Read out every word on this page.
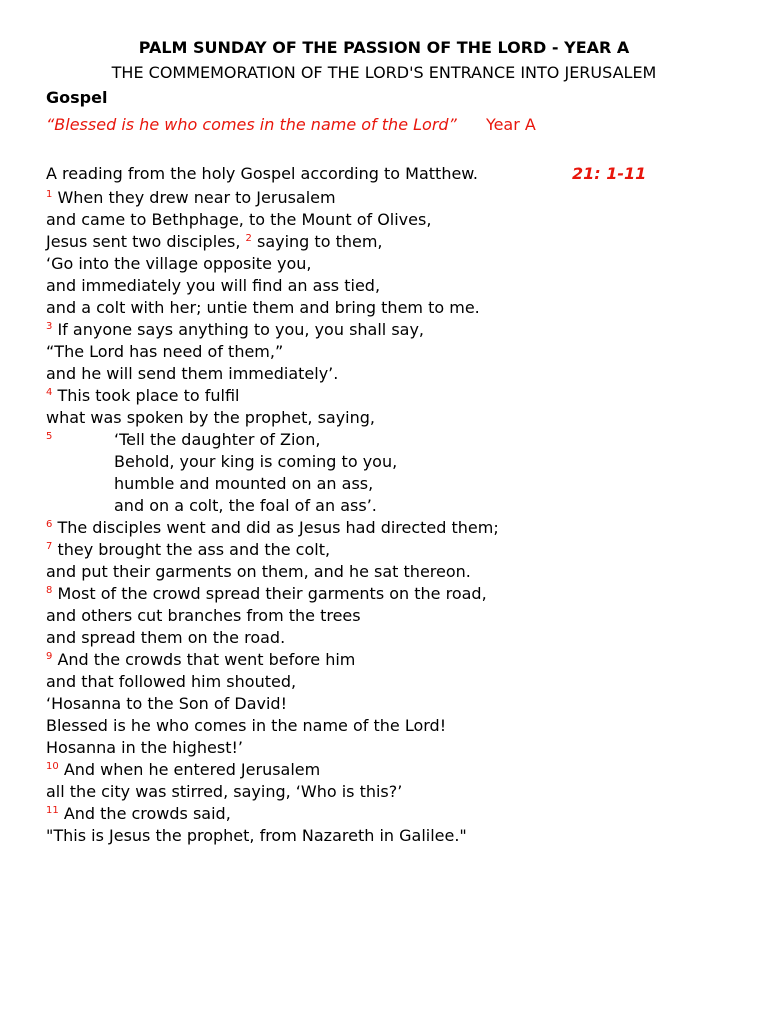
PALM SUNDAY OF THE PASSION OF THE LORD - YEAR A
THE COMMEMORATION OF THE LORD'S ENTRANCE INTO JERUSALEM
Gospel
“Blessed is he who comes in the name of the Lord” Year A
A reading from the holy Gospel according to Matthew.	21: 1-11
$^1$ When they drew near to Jerusalem
and came to Bethphage, to the Mount of Olives,
Jesus sent two disciples, $^2$ saying to them,
‘Go into the village opposite you,
and immediately you will find an ass tied,
and a colt with her; untie them and bring them to me.
$^3$ If anyone says anything to you, you shall say,
“The Lord has need of them,”
and he will send them immediately’.
$^4$ This took place to fulfil
what was spoken by the prophet, saying,
$^5$	‘Tell the daughter of Zion,
Behold, your king is coming to you,
humble and mounted on an ass,
and on a colt, the foal of an ass’.
$^6$ The disciples went and did as Jesus had directed them;
$^7$ they brought the ass and the colt,
and put their garments on them, and he sat thereon.
$^8$ Most of the crowd spread their garments on the road,
and others cut branches from the trees
and spread them on the road.
$^9$ And the crowds that went before him
and that followed him shouted,
‘Hosanna to the Son of David!
Blessed is he who comes in the name of the Lord!
Hosanna in the highest!’
$^{10}$ And when he entered Jerusalem
all the city was stirred, saying, ‘Who is this?’
$^{11}$ And the crowds said,
"This is Jesus the prophet, from Nazareth in Galilee."
